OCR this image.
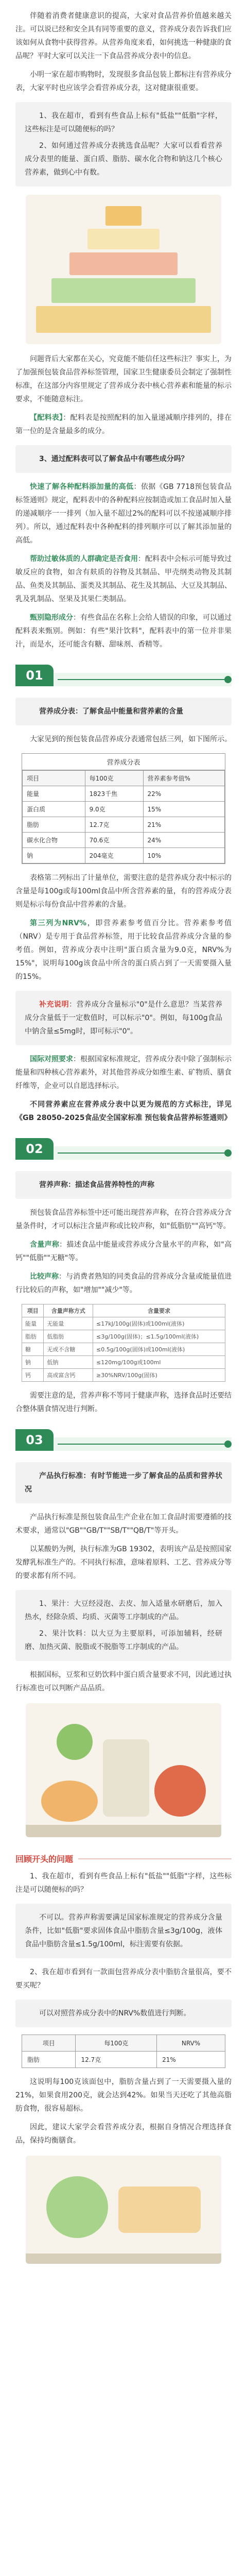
伴随着消费者健康意识的提高，大家对食品营养价值越来越关注。可以说已经和安全具有同等重要的意义，营养成分表告诉我们应该如何从食物中获得营养。从营养角度来看，如何挑选一种健康的食品呢？平时大家可以关注一下食品营养成分表中的信息。

小明一家在超市购物时，发现很多食品包装上都标注有营养成分表，大家平时也应该学会看营养成分表，这对健康很重要。

1、我在超市，看到有些食品上标有"低盐""低脂"字样，这些标注是可以随便标的吗？

2、如何通过营养成分表挑选食品呢？大家可以看看营养成分表里的能量、蛋白质、脂肪、碳水化合物和钠这几个核心营养素，做到心中有数。

问题背后大家都在关心，究竟能不能信任这些标注？事实上，为了加强预包装食品营养标签管理，国家卫生健康委员会制定了强制性标准，在这部分内容里规定了营养成分表中核心营养素和能量的标示要求，不能随意标注。

【配料表】：配料表是按照配料的加入量递减顺序排列的，排在第一位的是含量最多的成分。

3、通过配料表可以了解食品中有哪些成分吗？

快速了解各种配料添加量的高低：依据《GB 7718预包装食品标签通则》规定，配料表中的各种配料应按制造或加工食品时加入量的递减顺序一一排列（加入量不超过2%的配料可以不按递减顺序排列）。所以，通过配料表中各种配料的排列顺序可以了解其添加量的高低。

帮助过敏体质的人群确定是否食用：配料表中会标示可能导致过敏反应的食物，如含有麸质的谷物及其制品、甲壳纲类动物及其制品、鱼类及其制品、蛋类及其制品、花生及其制品、大豆及其制品、乳及乳制品、坚果及其果仁类制品。

甄别隐形成分：有些食品在名称上会给人错误的印象，可以通过配料表来甄别。例如：有些"果汁饮料"，配料表中的第一位并非果汁，而是水，还可能含有糖、甜味剂、香精等。

01

营养成分表：了解食品中能量和营养素的含量

大家见到的预包装食品营养成分表通常包括三列，如下图所示。

营养成分表
项目	每100克	营养素参考值%
能量	1823千焦	22%
蛋白质	9.0克	15%
脂肪	12.7克	21%
碳水化合物	70.6克	24%
钠	204毫克	10%

表格第二列标出了计量单位，需要注意的是营养成分表中标示的含量是每100g或每100ml食品中所含营养素的量，有的营养成分表则是标示每份食品中营养素的含量。

第三列为NRV%，即营养素参考值百分比。营养素参考值（NRV）是专用于食品营养标签，用于比较食品营养成分含量的参考值。例如，营养成分表中注明"蛋白质含量为9.0克，NRV%为15%"，说明每100g该食品中所含的蛋白质占到了一天需要摄入量的15%。

补充说明：营养成分含量标示"0"是什么意思？当某营养成分含量低于一定数值时，可以标示"0"。例如，每100g食品中钠含量≤5mg时，即可标示"0"。

国际对照要求：根据国家标准规定，营养成分表中除了强制标示能量和四种核心营养素外，对其他营养成分如维生素、矿物质、膳食纤维等，企业可以自愿选择标示。

不同营养素应在营养成分表中以更为规范的方式标注，详见《GB 28050-2025食品安全国家标准 预包装食品营养标签通则》

02

营养声称：描述食品营养特性的声称

预包装食品营养标签中还可能出现营养声称，在符合营养成分含量条件时，才可以标注含量声称或比较声称，如"低脂肪""高钙"等。

含量声称：描述食品中能量或营养成分含量水平的声称，如"高钙""低脂""无糖"等。

比较声称：与消费者熟知的同类食品的营养成分含量或能量值进行比较后的声称，如"增加""减少"等。

项目	含量声称方式	含量要求
能量	无能量	≤17kJ/100g(固体)或100ml(液体)
脂肪	低脂肪	≤3g/100g(固体)；≤1.5g/100ml(液体)
糖	无或不含糖	≤0.5g/100g(固体)或100ml(液体)
钠	低钠	≤120mg/100g或100ml
钙	高或富含钙	≥30%NRV/100g(固体)

需要注意的是，营养声称不等同于健康声称，选择食品时还要结合整体膳食情况进行判断。

03

产品执行标准：有时节能进一步了解食品的品质和营养状况

产品执行标准是预包装食品生产企业在加工食品时需要遵循的技术要求，通常以"GB""GB/T""SB/T""QB/T"等开头。

以某酸奶为例，执行标准为GB 19302，表明该产品是按照国家发酵乳标准生产的。不同执行标准，意味着原料、工艺、营养成分等的要求都有所不同。

1、果汁：大豆经浸泡、去皮、加入适量水研磨后，加入热水，经除杂质、均质、灭菌等工序制成的产品。

2、果汁饮料：以大豆为主要原料，可添加辅料，经研磨、加热灭菌、脱脂或不脱脂等工序制成的产品。

根据国标，豆浆和豆奶饮料中蛋白质含量要求不同，因此通过执行标准也可以判断产品品质。

回顾开头的问题

1、我在超市，看到有些食品上标有"低盐""低脂"字样，这些标注是可以随便标的吗？

不可以。营养声称需要满足国家标准规定的营养成分含量条件，比如"低脂"要求固体食品中脂肪含量≤3g/100g，液体食品中脂肪含量≤1.5g/100ml，标注需要有依据。

2、我在超市看到有一款面包营养成分表中脂肪含量很高，要不要买呢？

可以对照营养成分表中的NRV%数值进行判断。

项目	每100克	NRV%
脂肪	12.7克	21%

这说明每100克该面包中，脂肪含量占到了一天需要摄入量的21%，如果食用200克，就会达到42%。如果当天还吃了其他高脂肪食物，很容易超标。

因此，建议大家学会看营养成分表，根据自身情况合理选择食品，保持均衡膳食。
